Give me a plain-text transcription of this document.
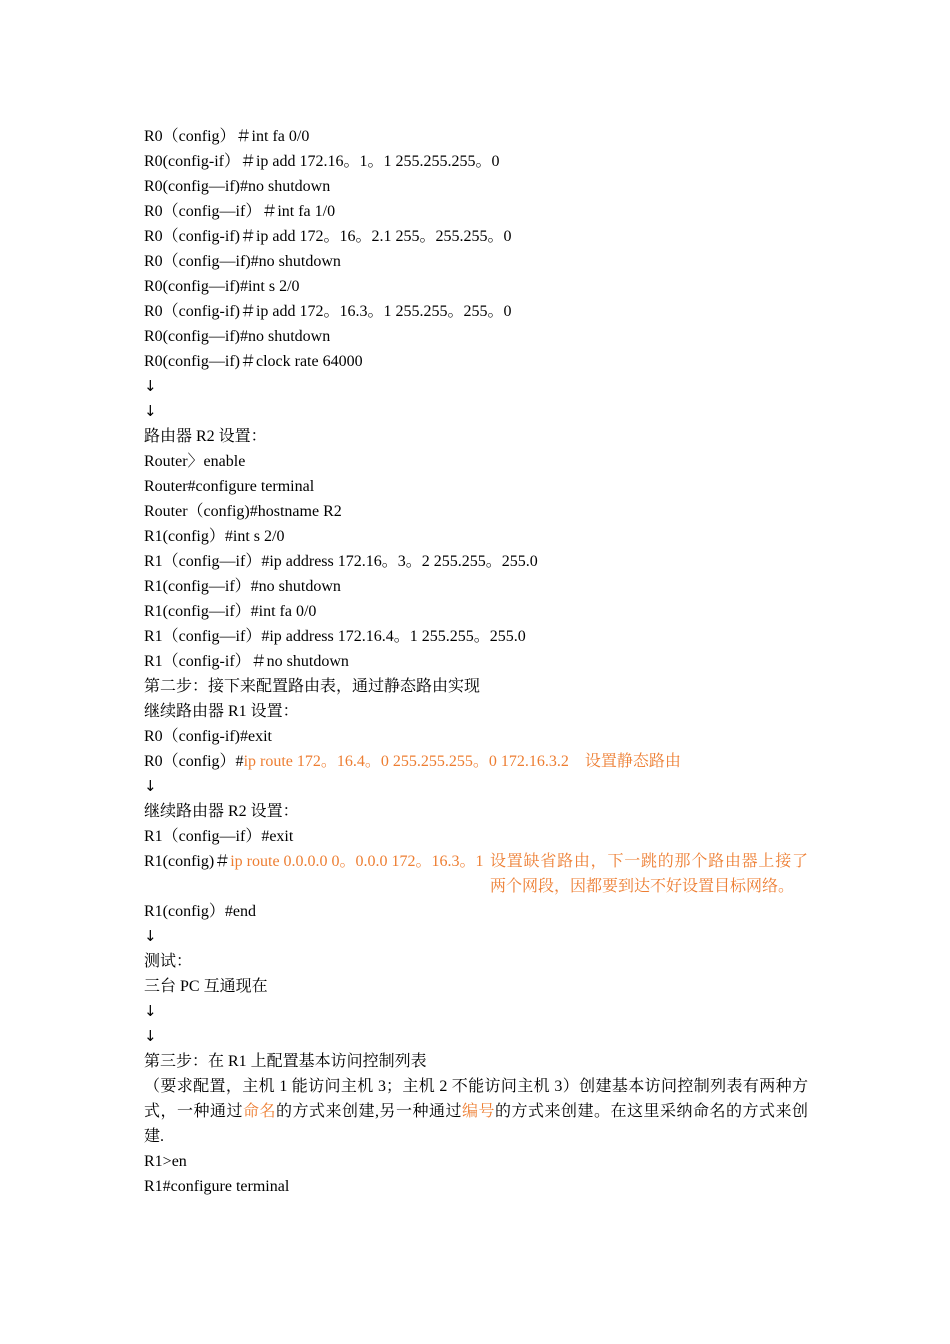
R0（config）＃int fa 0/0
R0(config-if）＃ip add 172.16。1。1 255.255.255。0
R0(config—if)#no shutdown
R0（config—if）＃int fa 1/0
R0（config-if)＃ip add 172。16。2.1 255。255.255。0
R0（config—if)#no shutdown
R0(config—if)#int s 2/0
R0（config-if)＃ip add 172。16.3。1 255.255。255。0
R0(config—if)#no shutdown
R0(config—if)＃clock rate 64000
↓
↓
路由器 R2 设置：
Router〉enable
Router#configure terminal
Router（config)#hostname R2
R1(config）#int s 2/0
R1（config—if）#ip address 172.16。3。2 255.255。255.0
R1(config—if）#no shutdown
R1(config—if）#int fa 0/0
R1（config—if）#ip address 172.16.4。1 255.255。255.0
R1（config-if）＃no shutdown
第二步：接下来配置路由表，通过静态路由实现
继续路由器 R1 设置：
R0（config-if)#exit
R0（config）#ip route 172。16.4。0 255.255.255。0 172.16.3.2 设置静态路由
↓
继续路由器 R2 设置：
R1（config—if）#exit
R1(config)＃ip route 0.0.0.0 0。0.0.0 172。16.3。1 设置缺省路由，下一跳的那个路由器上接了两个网段，因都要到达不好设置目标网络。
R1(config）#end
↓
测试：
三台 PC 互通现在
↓
↓
第三步：在 R1 上配置基本访问控制列表
（要求配置，主机 1 能访问主机 3；主机 2 不能访问主机 3）创建基本访问控制列表有两种方式，一种通过命名的方式来创建,另一种通过编号的方式来创建。在这里采纳命名的方式来创建.
R1>en
R1#configure terminal
